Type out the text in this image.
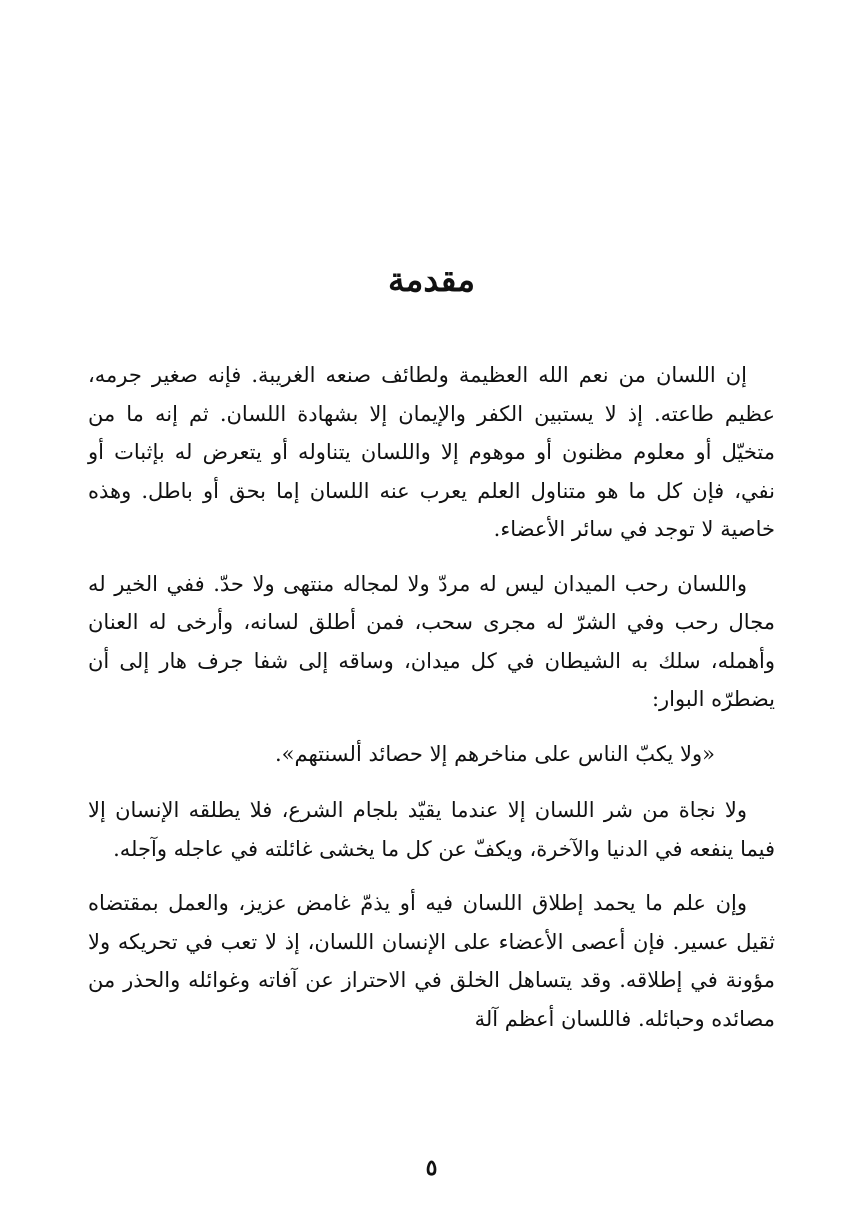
مقدمة

إن اللسان من نعم الله العظيمة ولطائف صنعه الغريبة. فإنه صغير جرمه، عظيم طاعته. إذ لا يستبين الكفر والإيمان إلا بشهادة اللسان. ثم إنه ما من متخيّل أو معلوم مظنون أو موهوم إلا واللسان يتناوله أو يتعرض له بإثبات أو نفي، فإن كل ما هو متناول العلم يعرب عنه اللسان إما بحق أو باطل. وهذه خاصية لا توجد في سائر الأعضاء.

واللسان رحب الميدان ليس له مردّ ولا لمجاله منتهى ولا حدّ. ففي الخير له مجال رحب وفي الشرّ له مجرى سحب، فمن أطلق لسانه، وأرخى له العنان وأهمله، سلك به الشيطان في كل ميدان، وساقه إلى شفا جرف هار إلى أن يضطرّه البوار:

«ولا يكبّ الناس على مناخرهم إلا حصائد ألسنتهم».

ولا نجاة من شر اللسان إلا عندما يقيّد بلجام الشرع، فلا يطلقه الإنسان إلا فيما ينفعه في الدنيا والآخرة، ويكفّ عن كل ما يخشى غائلته في عاجله وآجله.

وإن علم ما يحمد إطلاق اللسان فيه أو يذمّ غامض عزيز، والعمل بمقتضاه ثقيل عسير. فإن أعصى الأعضاء على الإنسان اللسان، إذ لا تعب في تحريكه ولا مؤونة في إطلاقه. وقد يتساهل الخلق في الاحتراز عن آفاته وغوائله والحذر من مصائده وحبائله. فاللسان أعظم آلة

٥
